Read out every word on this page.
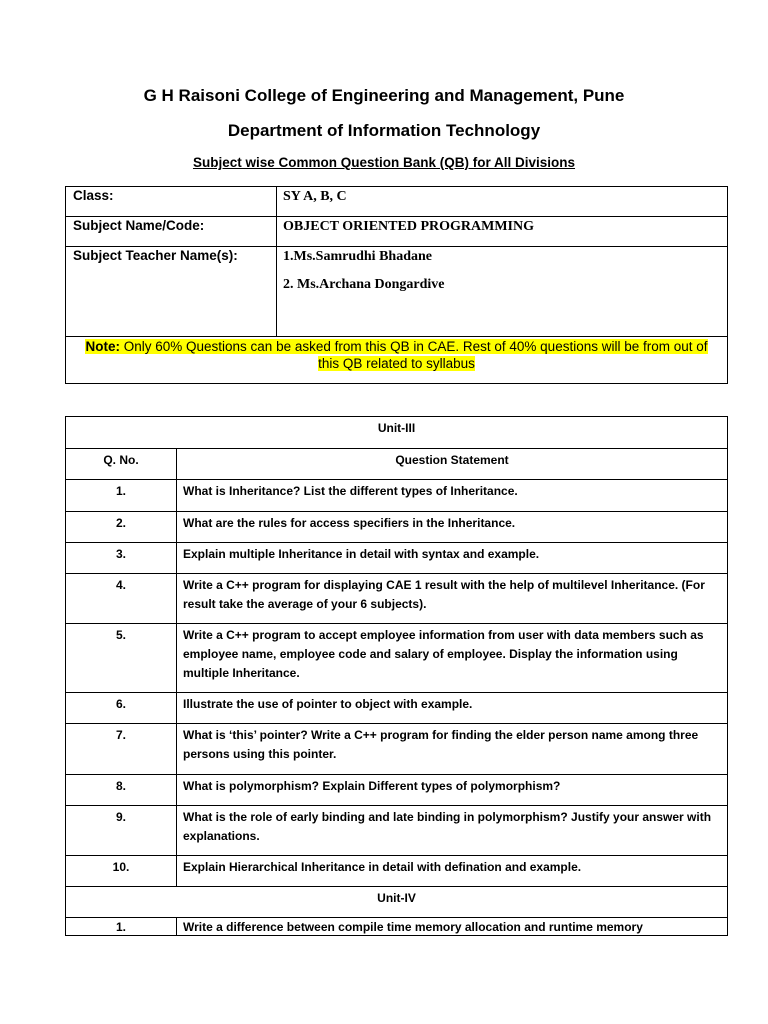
G H Raisoni College of Engineering and Management, Pune
Department of Information Technology
Subject wise Common Question Bank (QB) for All Divisions
Class:	SY A, B, C
Subject Name/Code:	OBJECT ORIENTED PROGRAMMING
Subject Teacher Name(s):	1.Ms.Samrudhi Bhadane

2. Ms.Archana Dongardive

Note: Only 60% Questions can be asked from this QB in CAE. Rest of 40% questions will be from out of this QB related to syllabus	
Unit-III	
Q. No.	Question Statement
1.	What is Inheritance? List the different types of Inheritance.
2.	What are the rules for access specifiers in the Inheritance.
3.	Explain multiple Inheritance in detail with syntax and example.
4.	Write a C++ program for displaying CAE 1 result with the help of multilevel Inheritance. (For result take the average of your 6 subjects).
5.	Write a C++ program to accept employee information from user with data members such as employee name, employee code and salary of employee. Display the information using multiple Inheritance.
6.	Illustrate the use of pointer to object with example.
7.	What is ‘this’ pointer? Write a C++ program for finding the elder person name among three persons using this pointer.
8.	What is polymorphism? Explain Different types of polymorphism?
9.	What is the role of early binding and late binding in polymorphism? Justify your answer with explanations.
10.	Explain Hierarchical Inheritance in detail with defination and example.
Unit-IV	
1.	Write a difference between compile time memory allocation and runtime memory
